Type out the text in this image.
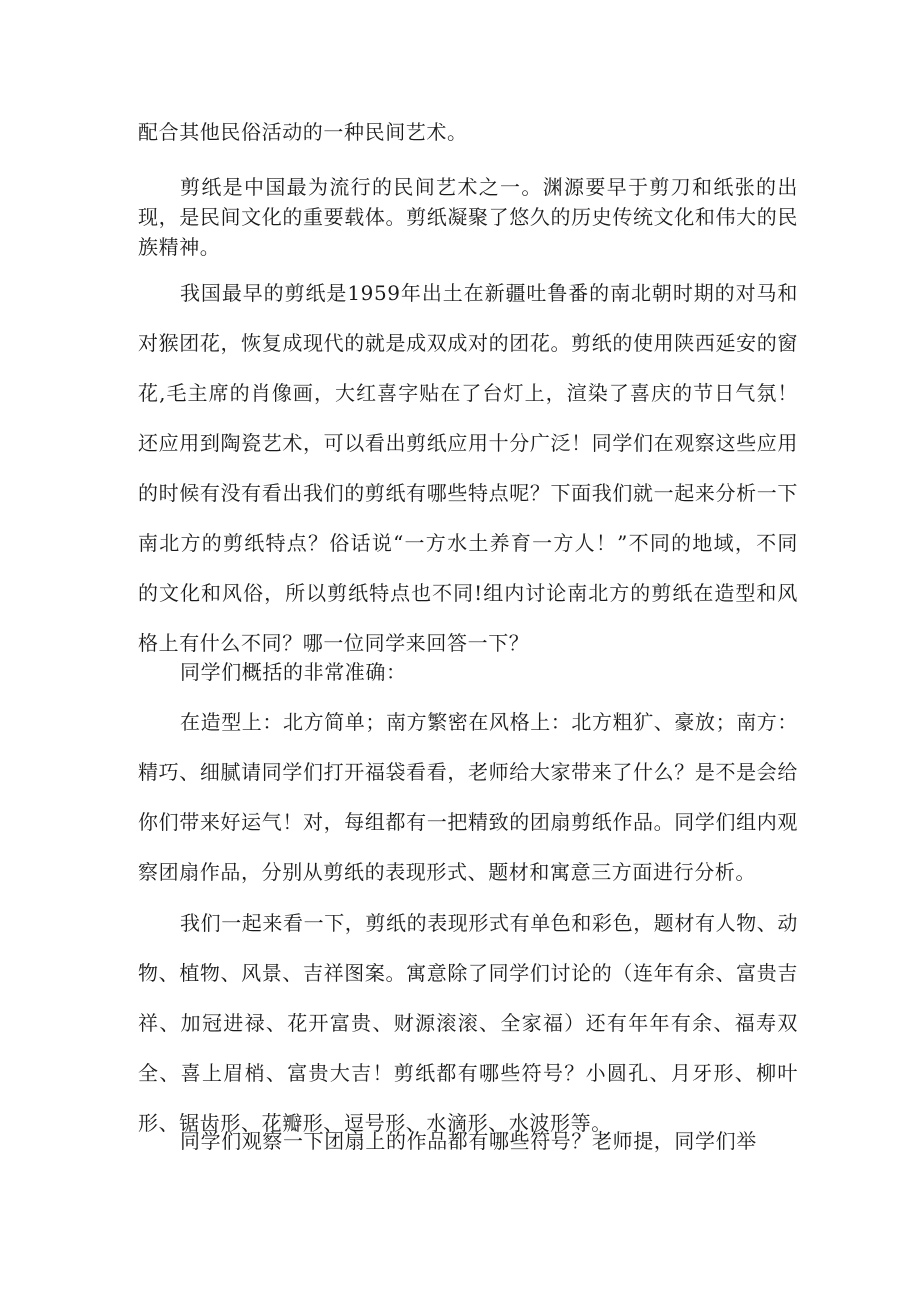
配合其他民俗活动的一种民间艺术。

剪纸是中国最为流行的民间艺术之一。渊源要早于剪刀和纸张的出现，是民间文化的重要载体。剪纸凝聚了悠久的历史传统文化和伟大的民族精神。

我国最早的剪纸是1959年出土在新疆吐鲁番的南北朝时期的对马和对猴团花，恢复成现代的就是成双成对的团花。剪纸的使用陕西延安的窗花,毛主席的肖像画，大红喜字贴在了台灯上，渲染了喜庆的节日气氛！还应用到陶瓷艺术，可以看出剪纸应用十分广泛！同学们在观察这些应用的时候有没有看出我们的剪纸有哪些特点呢？下面我们就一起来分析一下南北方的剪纸特点？俗话说“一方水土养育一方人！”不同的地域，不同的文化和风俗，所以剪纸特点也不同!组内讨论南北方的剪纸在造型和风格上有什么不同？哪一位同学来回答一下？

同学们概括的非常准确：

在造型上：北方简单；南方繁密在风格上：北方粗犷、豪放；南方：精巧、细腻请同学们打开福袋看看，老师给大家带来了什么？是不是会给你们带来好运气！对，每组都有一把精致的团扇剪纸作品。同学们组内观察团扇作品，分别从剪纸的表现形式、题材和寓意三方面进行分析。

我们一起来看一下，剪纸的表现形式有单色和彩色，题材有人物、动物、植物、风景、吉祥图案。寓意除了同学们讨论的（连年有余、富贵吉祥、加冠进禄、花开富贵、财源滚滚、全家福）还有年年有余、福寿双全、喜上眉梢、富贵大吉！剪纸都有哪些符号？小圆孔、月牙形、柳叶形、锯齿形、花瓣形、逗号形、水滴形、水波形等。

同学们观察一下团扇上的作品都有哪些符号？老师提，同学们举
